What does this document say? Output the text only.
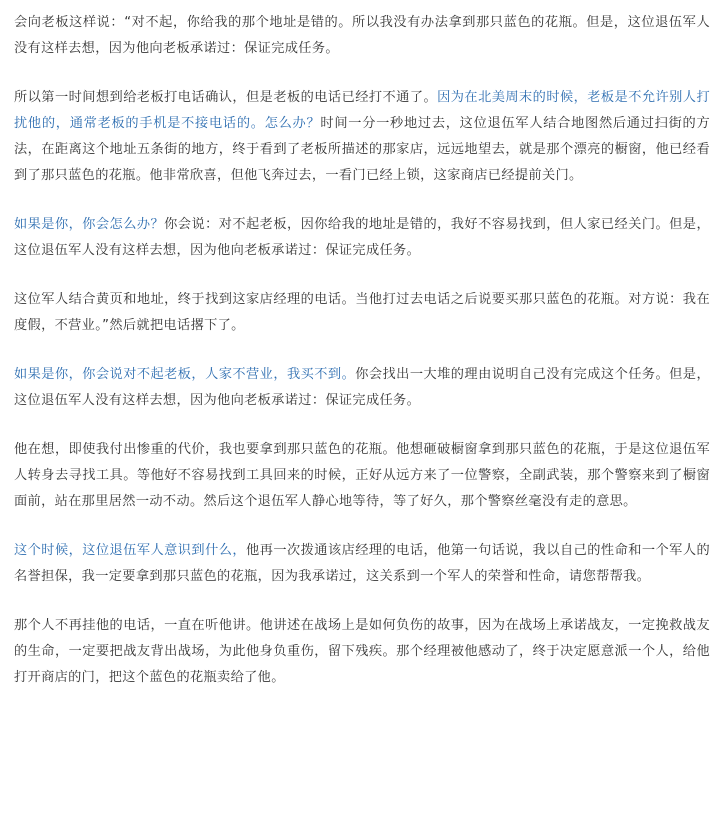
会向老板这样说：“对不起，你给我的那个地址是错的。所以我没有办法拿到那只蓝色的花瓶。但是，这位退伍军人没有这样去想，因为他向老板承诺过：保证完成任务。

所以第一时间想到给老板打电话确认，但是老板的电话已经打不通了。因为在北美周末的时候，老板是不允许别人打扰他的，通常老板的手机是不接电话的。怎么办？时间一分一秒地过去，这位退伍军人结合地图然后通过扫街的方法，在距离这个地址五条街的地方，终于看到了老板所描述的那家店，远远地望去，就是那个漂亮的橱窗，他已经看到了那只蓝色的花瓶。他非常欣喜，但他飞奔过去，一看门已经上锁，这家商店已经提前关门。

如果是你，你会怎么办？你会说：对不起老板，因你给我的地址是错的，我好不容易找到，但人家已经关门。但是，这位退伍军人没有这样去想，因为他向老板承诺过：保证完成任务。

这位军人结合黄页和地址，终于找到这家店经理的电话。当他打过去电话之后说要买那只蓝色的花瓶。对方说：我在度假，不营业。”然后就把电话撂下了。

如果是你，你会说对不起老板，人家不营业，我买不到。你会找出一大堆的理由说明自己没有完成这个任务。但是，这位退伍军人没有这样去想，因为他向老板承诺过：保证完成任务。

他在想，即使我付出惨重的代价，我也要拿到那只蓝色的花瓶。他想砸破橱窗拿到那只蓝色的花瓶，于是这位退伍军人转身去寻找工具。等他好不容易找到工具回来的时候，正好从远方来了一位警察，全副武装，那个警察来到了橱窗面前，站在那里居然一动不动。然后这个退伍军人静心地等待，等了好久，那个警察丝毫没有走的意思。

这个时候，这位退伍军人意识到什么，他再一次拨通该店经理的电话，他第一句话说，我以自己的性命和一个军人的名誉担保，我一定要拿到那只蓝色的花瓶，因为我承诺过，这关系到一个军人的荣誉和性命，请您帮帮我。

那个人不再挂他的电话，一直在听他讲。他讲述在战场上是如何负伤的故事，因为在战场上承诺战友，一定挽救战友的生命，一定要把战友背出战场，为此他身负重伤，留下残疾。那个经理被他感动了，终于决定愿意派一个人，给他打开商店的门，把这个蓝色的花瓶卖给了他。
